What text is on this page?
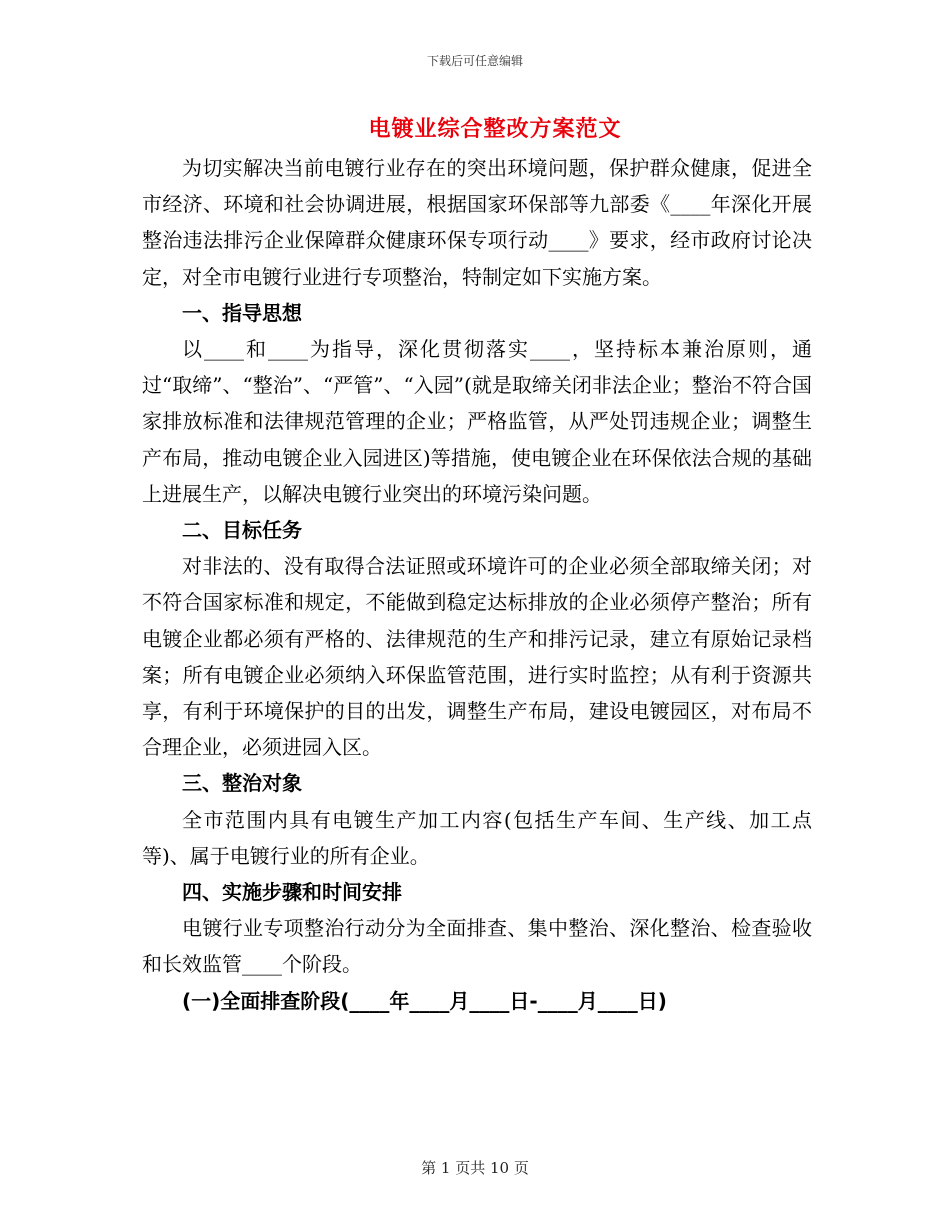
下载后可任意编辑
电镀业综合整改方案范文

为切实解决当前电镀行业存在的突出环境问题，保护群众健康，促进全市经济、环境和社会协调进展，根据国家环保部等九部委《____年深化开展整治违法排污企业保障群众健康环保专项行动____》要求，经市政府讨论决定，对全市电镀行业进行专项整治，特制定如下实施方案。

一、指导思想

以____和____为指导，深化贯彻落实____，坚持标本兼治原则，通过“取缔”、“整治”、“严管”、“入园”(就是取缔关闭非法企业；整治不符合国家排放标准和法律规范管理的企业；严格监管，从严处罚违规企业；调整生产布局，推动电镀企业入园进区)等措施，使电镀企业在环保依法合规的基础上进展生产，以解决电镀行业突出的环境污染问题。

二、目标任务

对非法的、没有取得合法证照或环境许可的企业必须全部取缔关闭；对不符合国家标准和规定，不能做到稳定达标排放的企业必须停产整治；所有电镀企业都必须有严格的、法律规范的生产和排污记录，建立有原始记录档案；所有电镀企业必须纳入环保监管范围，进行实时监控；从有利于资源共享，有利于环境保护的目的出发，调整生产布局，建设电镀园区，对布局不合理企业，必须进园入区。

三、整治对象

全市范围内具有电镀生产加工内容(包括生产车间、生产线、加工点等)、属于电镀行业的所有企业。

四、实施步骤和时间安排

电镀行业专项整治行动分为全面排查、集中整治、深化整治、检查验收和长效监管____个阶段。

(一)全面排查阶段(____年____月____日-____月____日)

第 1 页共 10 页
